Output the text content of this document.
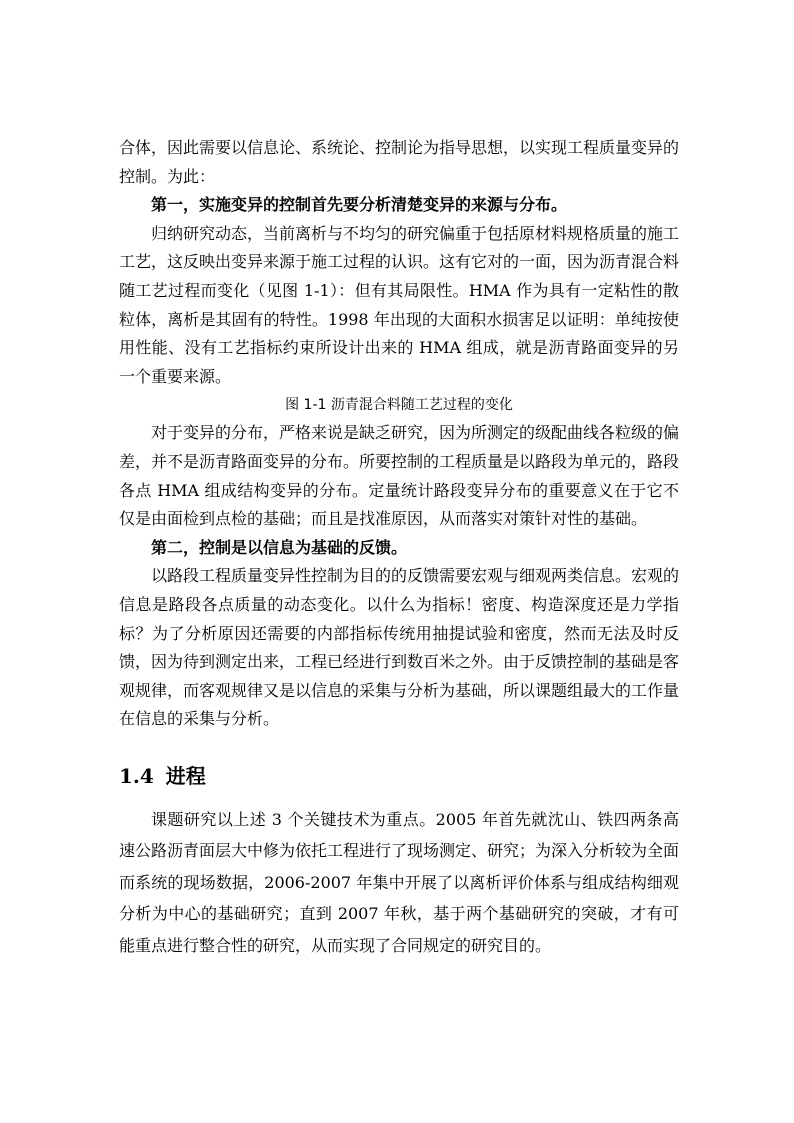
合体，因此需要以信息论、系统论、控制论为指导思想，以实现工程质量变异的控制。为此：

第一，实施变异的控制首先要分析清楚变异的来源与分布。

归纳研究动态，当前离析与不均匀的研究偏重于包括原材料规格质量的施工工艺，这反映出变异来源于施工过程的认识。这有它对的一面，因为沥青混合料随工艺过程而变化（见图 1-1）：但有其局限性。HMA 作为具有一定粘性的散粒体，离析是其固有的特性。1998 年出现的大面积水损害足以证明：单纯按使用性能、没有工艺指标约束所设计出来的 HMA 组成，就是沥青路面变异的另一个重要来源。

图 1-1 沥青混合料随工艺过程的变化

对于变异的分布，严格来说是缺乏研究，因为所测定的级配曲线各粒级的偏差，并不是沥青路面变异的分布。所要控制的工程质量是以路段为单元的，路段各点 HMA 组成结构变异的分布。定量统计路段变异分布的重要意义在于它不仅是由面检到点检的基础；而且是找准原因，从而落实对策针对性的基础。

第二，控制是以信息为基础的反馈。

以路段工程质量变异性控制为目的的反馈需要宏观与细观两类信息。宏观的信息是路段各点质量的动态变化。以什么为指标！密度、构造深度还是力学指标？为了分析原因还需要的内部指标传统用抽提试验和密度，然而无法及时反馈，因为待到测定出来，工程已经进行到数百米之外。由于反馈控制的基础是客观规律，而客观规律又是以信息的采集与分析为基础，所以课题组最大的工作量在信息的采集与分析。

1.4 进程

课题研究以上述 3 个关键技术为重点。2005 年首先就沈山、铁四两条高速公路沥青面层大中修为依托工程进行了现场测定、研究；为深入分析较为全面而系统的现场数据，2006-2007 年集中开展了以离析评价体系与组成结构细观分析为中心的基础研究；直到 2007 年秋，基于两个基础研究的突破，才有可能重点进行整合性的研究，从而实现了合同规定的研究目的。
